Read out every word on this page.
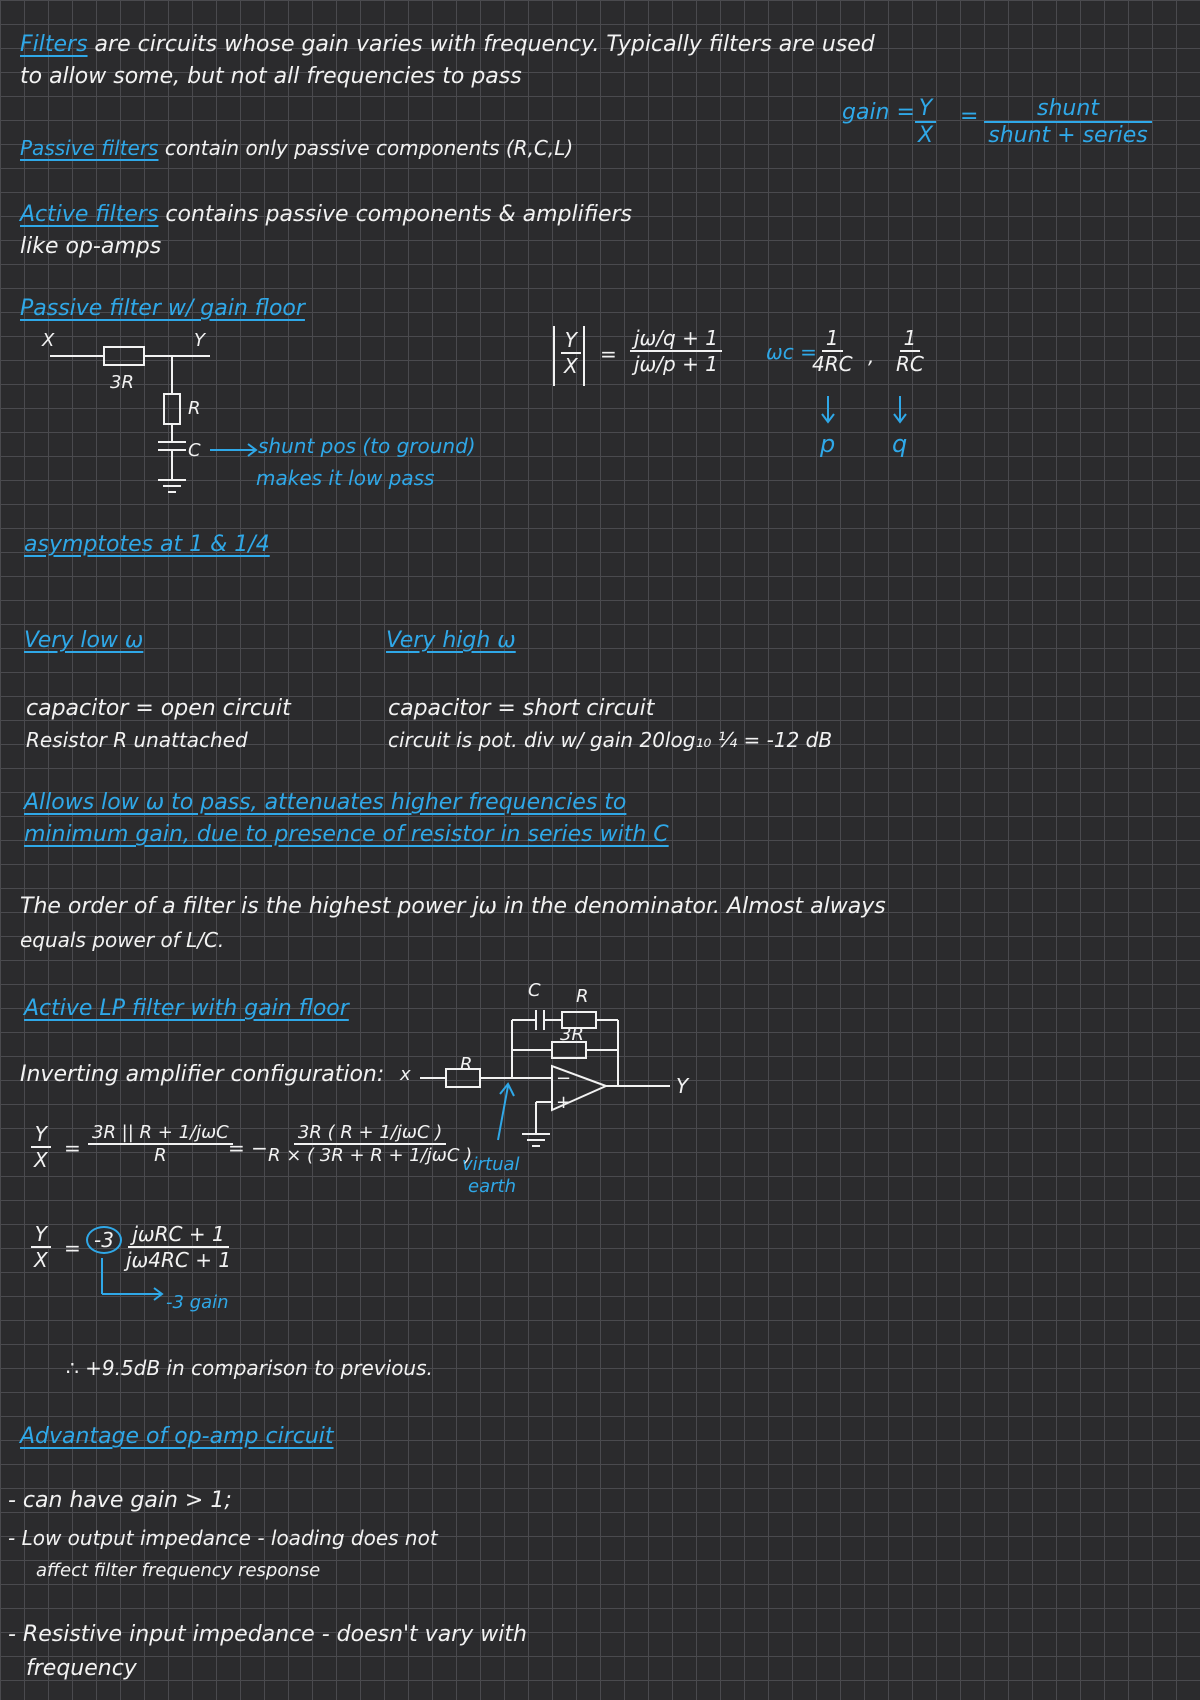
Filters are circuits whose gain varies with frequency. Typically filters are used
to allow some, but not all frequencies to pass
gain = $\frac{Y}{X}$ =	shunt
shunt + series
Passive filters contain only passive components (R,C,L)
Active filters contains passive components & amplifiers
like op-amps
Passive filter w/ gain floor
X	Y
3R
R
C	shunt pos (to ground)
makes it low pass
$\frac{Y}{X} = \frac{j\omega/q + 1}{j\omega/p + 1}$ ωc =
$\frac{1}{4RC}$ , $\frac{1}{RC}$
p q
asymptotes at 1 & 1/4
Very low ω
capacitor = open circuit
Resistor R unattached
Very high ω
capacitor = short circuit
circuit is pot. div w/ gain 20log₁₀ ¼ = -12 dB
Allows low ω to pass, attenuates higher frequencies to
minimum gain, due to presence of resistor in series with C
The order of a filter is the highest power jω in the denominator. Almost always
equals power of L/C.
Active LP filter with gain floor
Inverting amplifier configuration: x	R
C R
3R
−
+
Y
virtual
earth
$\frac{Y}{X}$ =
3R || R + 1/jωC
R	= −
3R ( R + 1/jωC )
R × ( 3R + R + 1/jωC )
$\frac{Y}{X} = -3$ jωRC + 1
jω4RC + 1
-3 gain
∴ +9.5dB in comparison to previous.
Advantage of op-amp circuit
- can have gain > 1;
- Low output impedance - loading does not
affect filter frequency response
- Resistive input impedance - doesn't vary with
frequency
